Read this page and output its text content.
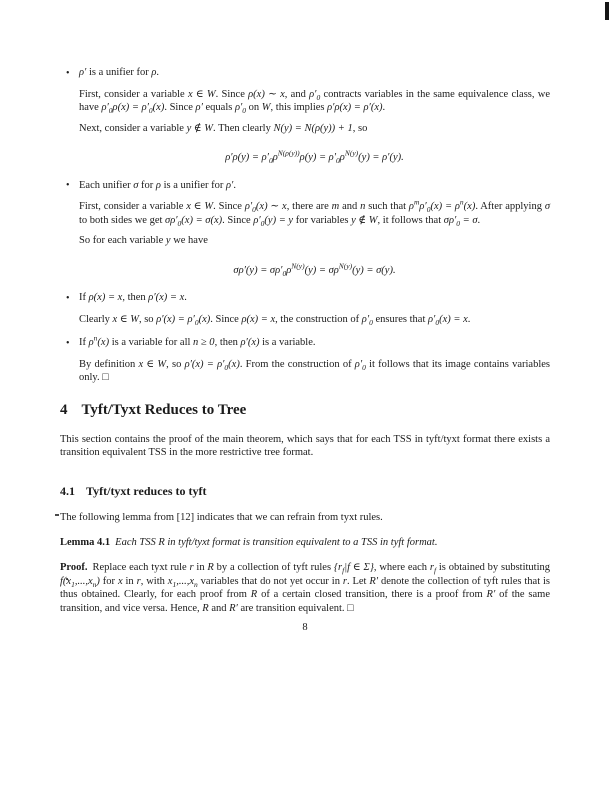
• ρ′ is a unifier for ρ.

First, consider a variable x ∈ W. Since ρ(x) ∼ x, and $\rho'_0$ contracts variables in the same equivalence class, we have $\rho'_0\rho(x) = \rho'_0(x)$. Since ρ′ equals $\rho'_0$ on W, this implies ρ′ρ(x) = ρ′(x).

Next, consider a variable y ∉ W. Then clearly N(y) = N(ρ(y)) + 1, so

$\rho'\rho(y) = \rho'_0\rho^{N(\rho(y))}\rho(y) = \rho'_0\rho^{N(y)}(y) = \rho'(y)$.
• Each unifier σ for ρ is a unifier for ρ′.

First, consider a variable x ∈ W. Since $\rho'_0(x)$ ∼ x, there are m and n such that $\rho^m\rho'_0(x) = \rho^n(x)$. After applying σ to both sides we get $\sigma\rho'_0(x) = \sigma(x)$. Since $\rho'_0(y) = y$ for variables y ∉ W, it follows that $\sigma\rho'_0 = \sigma$.

So for each variable y we have

$\sigma\rho'(y) = \sigma\rho'_0\rho^{N(y)}(y) = \sigma\rho^{N(y)}(y) = \sigma(y)$.
• If ρ(x) = x, then ρ′(x) = x.

Clearly x ∈ W, so $\rho'(x) = \rho'_0(x)$. Since ρ(x) = x, the construction of $\rho'_0$ ensures that $\rho'_0(x) = x$.

• If $\rho^n(x)$ is a variable for all n ≥ 0, then ρ′(x) is a variable.

By definition x ∈ W, so $\rho'(x) = \rho'_0(x)$. From the construction of $\rho'_0$ it follows that its image contains variables only. □

4 Tyft/Tyxt Reduces to Tree

This section contains the proof of the main theorem, which says that for each TSS in tyft/tyxt format there exists a transition equivalent TSS in the more restrictive tree format.

4.1 Tyft/tyxt reduces to tyft

The following lemma from [12] indicates that we can refrain from tyxt rules.

Lemma 4.1 Each TSS R in tyft/tyxt format is transition equivalent to a TSS in tyft format.

Proof. Replace each tyxt rule r in R by a collection of tyft rules {$r_f|f$ ∈ Σ}, where each $r_f$ is obtained by substituting $f(x_1,...,x_n)$ for x in r, with $x_1,...,x_n$ variables that do not yet occur in r. Let R′ denote the collection of tyft rules that is thus obtained. Clearly, for each proof from R of a certain closed transition, there is a proof from R′ of the same transition, and vice versa. Hence, R and R′ are transition equivalent. □

8
